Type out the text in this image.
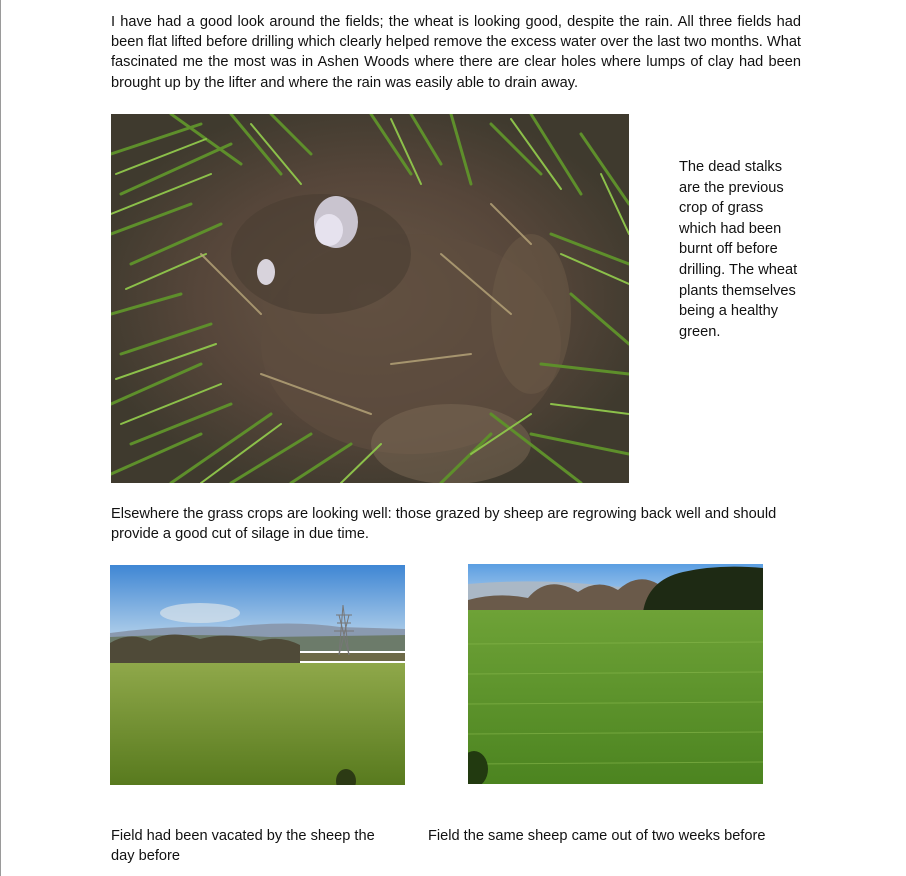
I have had a good look around the fields; the wheat is looking good, despite the rain. All three fields had been flat lifted before drilling which clearly helped remove the excess water over the last two months. What fascinated me the most was in Ashen Woods where there are clear holes where lumps of clay had been brought up by the lifter and where the rain was easily able to drain away.

The dead stalks are the previous crop of grass which had been burnt off before drilling. The wheat plants themselves being a healthy green.

Elsewhere the grass crops are looking well: those grazed by sheep are regrowing back well and should provide a good cut of silage in due time.

Field had been vacated by the sheep the day before

Field the same sheep came out of two weeks before
